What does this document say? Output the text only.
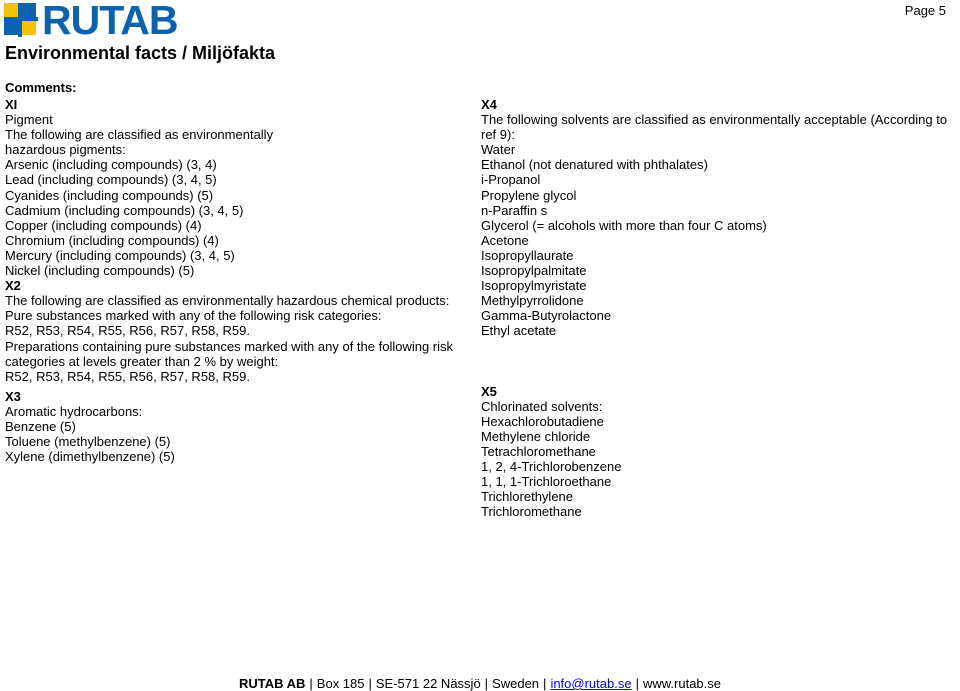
RUTAB	Page 5
Environmental facts / Miljöfakta
Comments:
XI
Pigment
The following are classified as environmentally
hazardous pigments:
Arsenic (including compounds) (3, 4)
Lead (including compounds) (3, 4, 5)
Cyanides (including compounds) (5)
Cadmium (including compounds) (3, 4, 5)
Copper (including compounds) (4)
Chromium (including compounds) (4)
Mercury (including compounds) (3, 4, 5)
Nickel (including compounds) (5)
X2
The following are classified as environmentally hazardous chemical products:
Pure substances marked with any of the following risk categories:
R52, R53, R54, R55, R56, R57, R58, R59.
Preparations containing pure substances marked with any of the following risk
categories at levels greater than 2 % by weight:
R52, R53, R54, R55, R56, R57, R58, R59.
X3
Aromatic hydrocarbons:
Benzene (5)
Toluene (methylbenzene) (5)
Xylene (dimethylbenzene) (5)
X4
The following solvents are classified as environmentally acceptable (According to
ref 9):
Water
Ethanol (not denatured with phthalates)
i-Propanol
Propylene glycol
n-Paraffin s
Glycerol (= alcohols with more than four C atoms)
Acetone
Isopropyllaurate
Isopropylpalmitate
Isopropylmyristate
Methylpyrrolidone
Gamma-Butyrolactone
Ethyl acetate
X5
Chlorinated solvents:
Hexachlorobutadiene
Methylene chloride
Tetrachloromethane
1, 2, 4-Trichlorobenzene
1, 1, 1-Trichloroethane
Trichlorethylene
Trichloromethane
RUTAB AB | Box 185 | SE-571 22 Nässjö | Sweden | info@rutab.se | www.rutab.se
